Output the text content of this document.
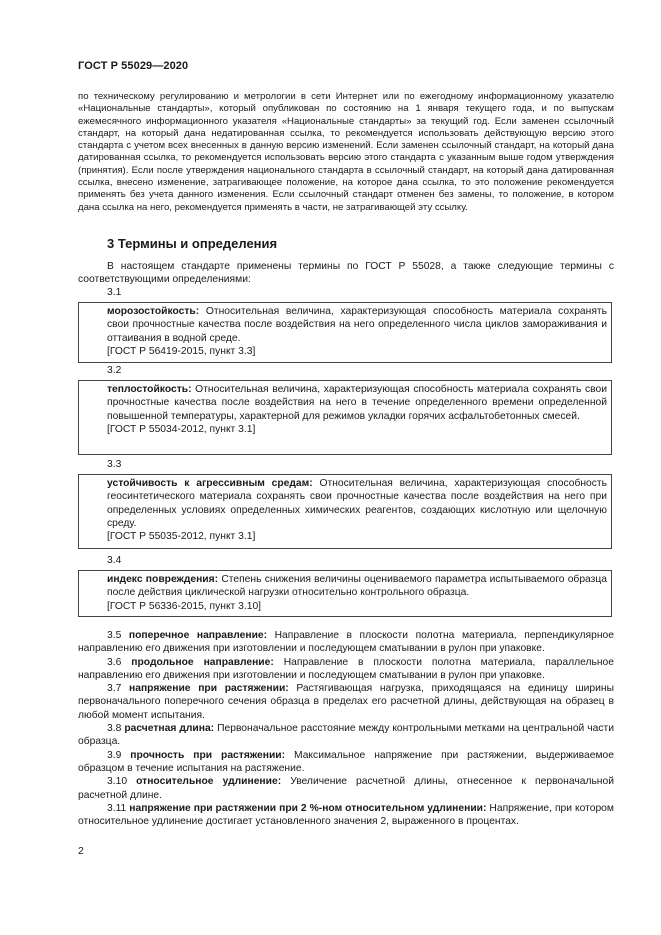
ГОСТ Р 55029—2020
по техническому регулированию и метрологии в сети Интернет или по ежегодному информационному указателю «Национальные стандарты», который опубликован по состоянию на 1 января текущего года, и по выпускам ежемесячного информационного указателя «Национальные стандарты» за текущий год. Если заменен ссылочный стандарт, на который дана недатированная ссылка, то рекомендуется использовать действующую версию этого стандарта с учетом всех внесенных в данную версию изменений. Если заменен ссылочный стандарт, на который дана датированная ссылка, то рекомендуется использовать версию этого стандарта с указанным выше годом утверждения (принятия). Если после утверждения национального стандарта в ссылочный стандарт, на который дана датированная ссылка, внесено изменение, затрагивающее положение, на которое дана ссылка, то это положение рекомендуется применять без учета данного изменения. Если ссылочный стандарт отменен без замены, то положение, в котором дана ссылка на него, рекомендуется применять в части, не затрагивающей эту ссылку.
3 Термины и определения
В настоящем стандарте применены термины по ГОСТ Р 55028, а также следующие термины с соответствующими определениями:
3.1

морозостойкость: Относительная величина, характеризующая способность материала сохранять свои прочностные качества после воздействия на него определенного числа циклов замораживания и оттаивания в водной среде.

[ГОСТ Р 56419-2015, пункт 3.3]
3.2

теплостойкость: Относительная величина, характеризующая способность материала сохранять свои прочностные качества после воздействия на него в течение определенного времени определенной повышенной температуры, характерной для режимов укладки горячих асфальтобетонных смесей.

[ГОСТ Р 55034-2012, пункт 3.1]
3.3

устойчивость к агрессивным средам: Относительная величина, характеризующая способность геосинтетического материала сохранять свои прочностные качества после воздействия на него при определенных условиях определенных химических реагентов, создающих кислотную или щелочную среду.

[ГОСТ Р 55035-2012, пункт 3.1]
3.4

индекс повреждения: Степень снижения величины оцениваемого параметра испытываемого образца после действия циклической нагрузки относительно контрольного образца.

[ГОСТ Р 56336-2015, пункт 3.10]

3.5 поперечное направление: Направление в плоскости полотна материала, перпендикулярное направлению его движения при изготовлении и последующем сматывании в рулон при упаковке.

3.6 продольное направление: Направление в плоскости полотна материала, параллельное направлению его движения при изготовлении и последующем сматывании в рулон при упаковке.

3.7 напряжение при растяжении: Растягивающая нагрузка, приходящаяся на единицу ширины первоначального поперечного сечения образца в пределах его расчетной длины, действующая на образец в любой момент испытания.

3.8 расчетная длина: Первоначальное расстояние между контрольными метками на центральной части образца.

3.9 прочность при растяжении: Максимальное напряжение при растяжении, выдерживаемое образцом в течение испытания на растяжение.

3.10 относительное удлинение: Увеличение расчетной длины, отнесенное к первоначальной расчетной длине.

3.11 напряжение при растяжении при 2 %-ном относительном удлинении: Напряжение, при котором относительное удлинение достигает установленного значения 2, выраженного в процентах.

2
